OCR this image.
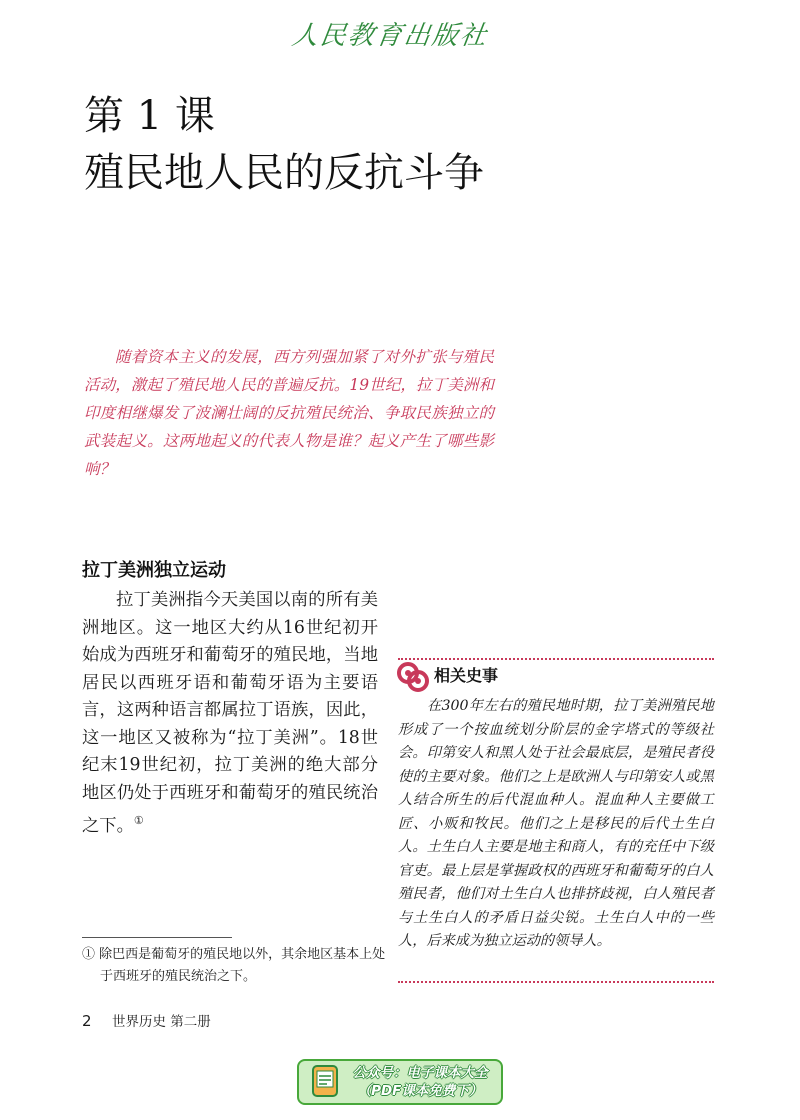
人民教育出版社
第 1 课
殖民地人民的反抗斗争

随着资本主义的发展，西方列强加紧了对外扩张与殖民活动，激起了殖民地人民的普遍反抗。19世纪，拉丁美洲和印度相继爆发了波澜壮阔的反抗殖民统治、争取民族独立的武装起义。这两地起义的代表人物是谁？起义产生了哪些影响？

拉丁美洲独立运动

拉丁美洲指今天美国以南的所有美洲地区。这一地区大约从16世纪初开始成为西班牙和葡萄牙的殖民地，当地居民以西班牙语和葡萄牙语为主要语言，这两种语言都属拉丁语族，因此，这一地区又被称为“拉丁美洲”。18世纪末19世纪初，拉丁美洲的绝大部分地区仍处于西班牙和葡萄牙的殖民统治之下。①

① 除巴西是葡萄牙的殖民地以外，其余地区基本上处于西班牙的殖民统治之下。

相关史事

在300年左右的殖民地时期，拉丁美洲殖民地形成了一个按血统划分阶层的金字塔式的等级社会。印第安人和黑人处于社会最底层，是殖民者役使的主要对象。他们之上是欧洲人与印第安人或黑人结合所生的后代混血种人。混血种人主要做工匠、小贩和牧民。他们之上是移民的后代土生白人。土生白人主要是地主和商人，有的充任中下级官吏。最上层是掌握政权的西班牙和葡萄牙的白人殖民者，他们对土生白人也排挤歧视，白人殖民者与土生白人的矛盾日益尖锐。土生白人中的一些人，后来成为独立运动的领导人。

2 世界历史 第二册
公众号：电子课本大全
（PDF课本免费下）
